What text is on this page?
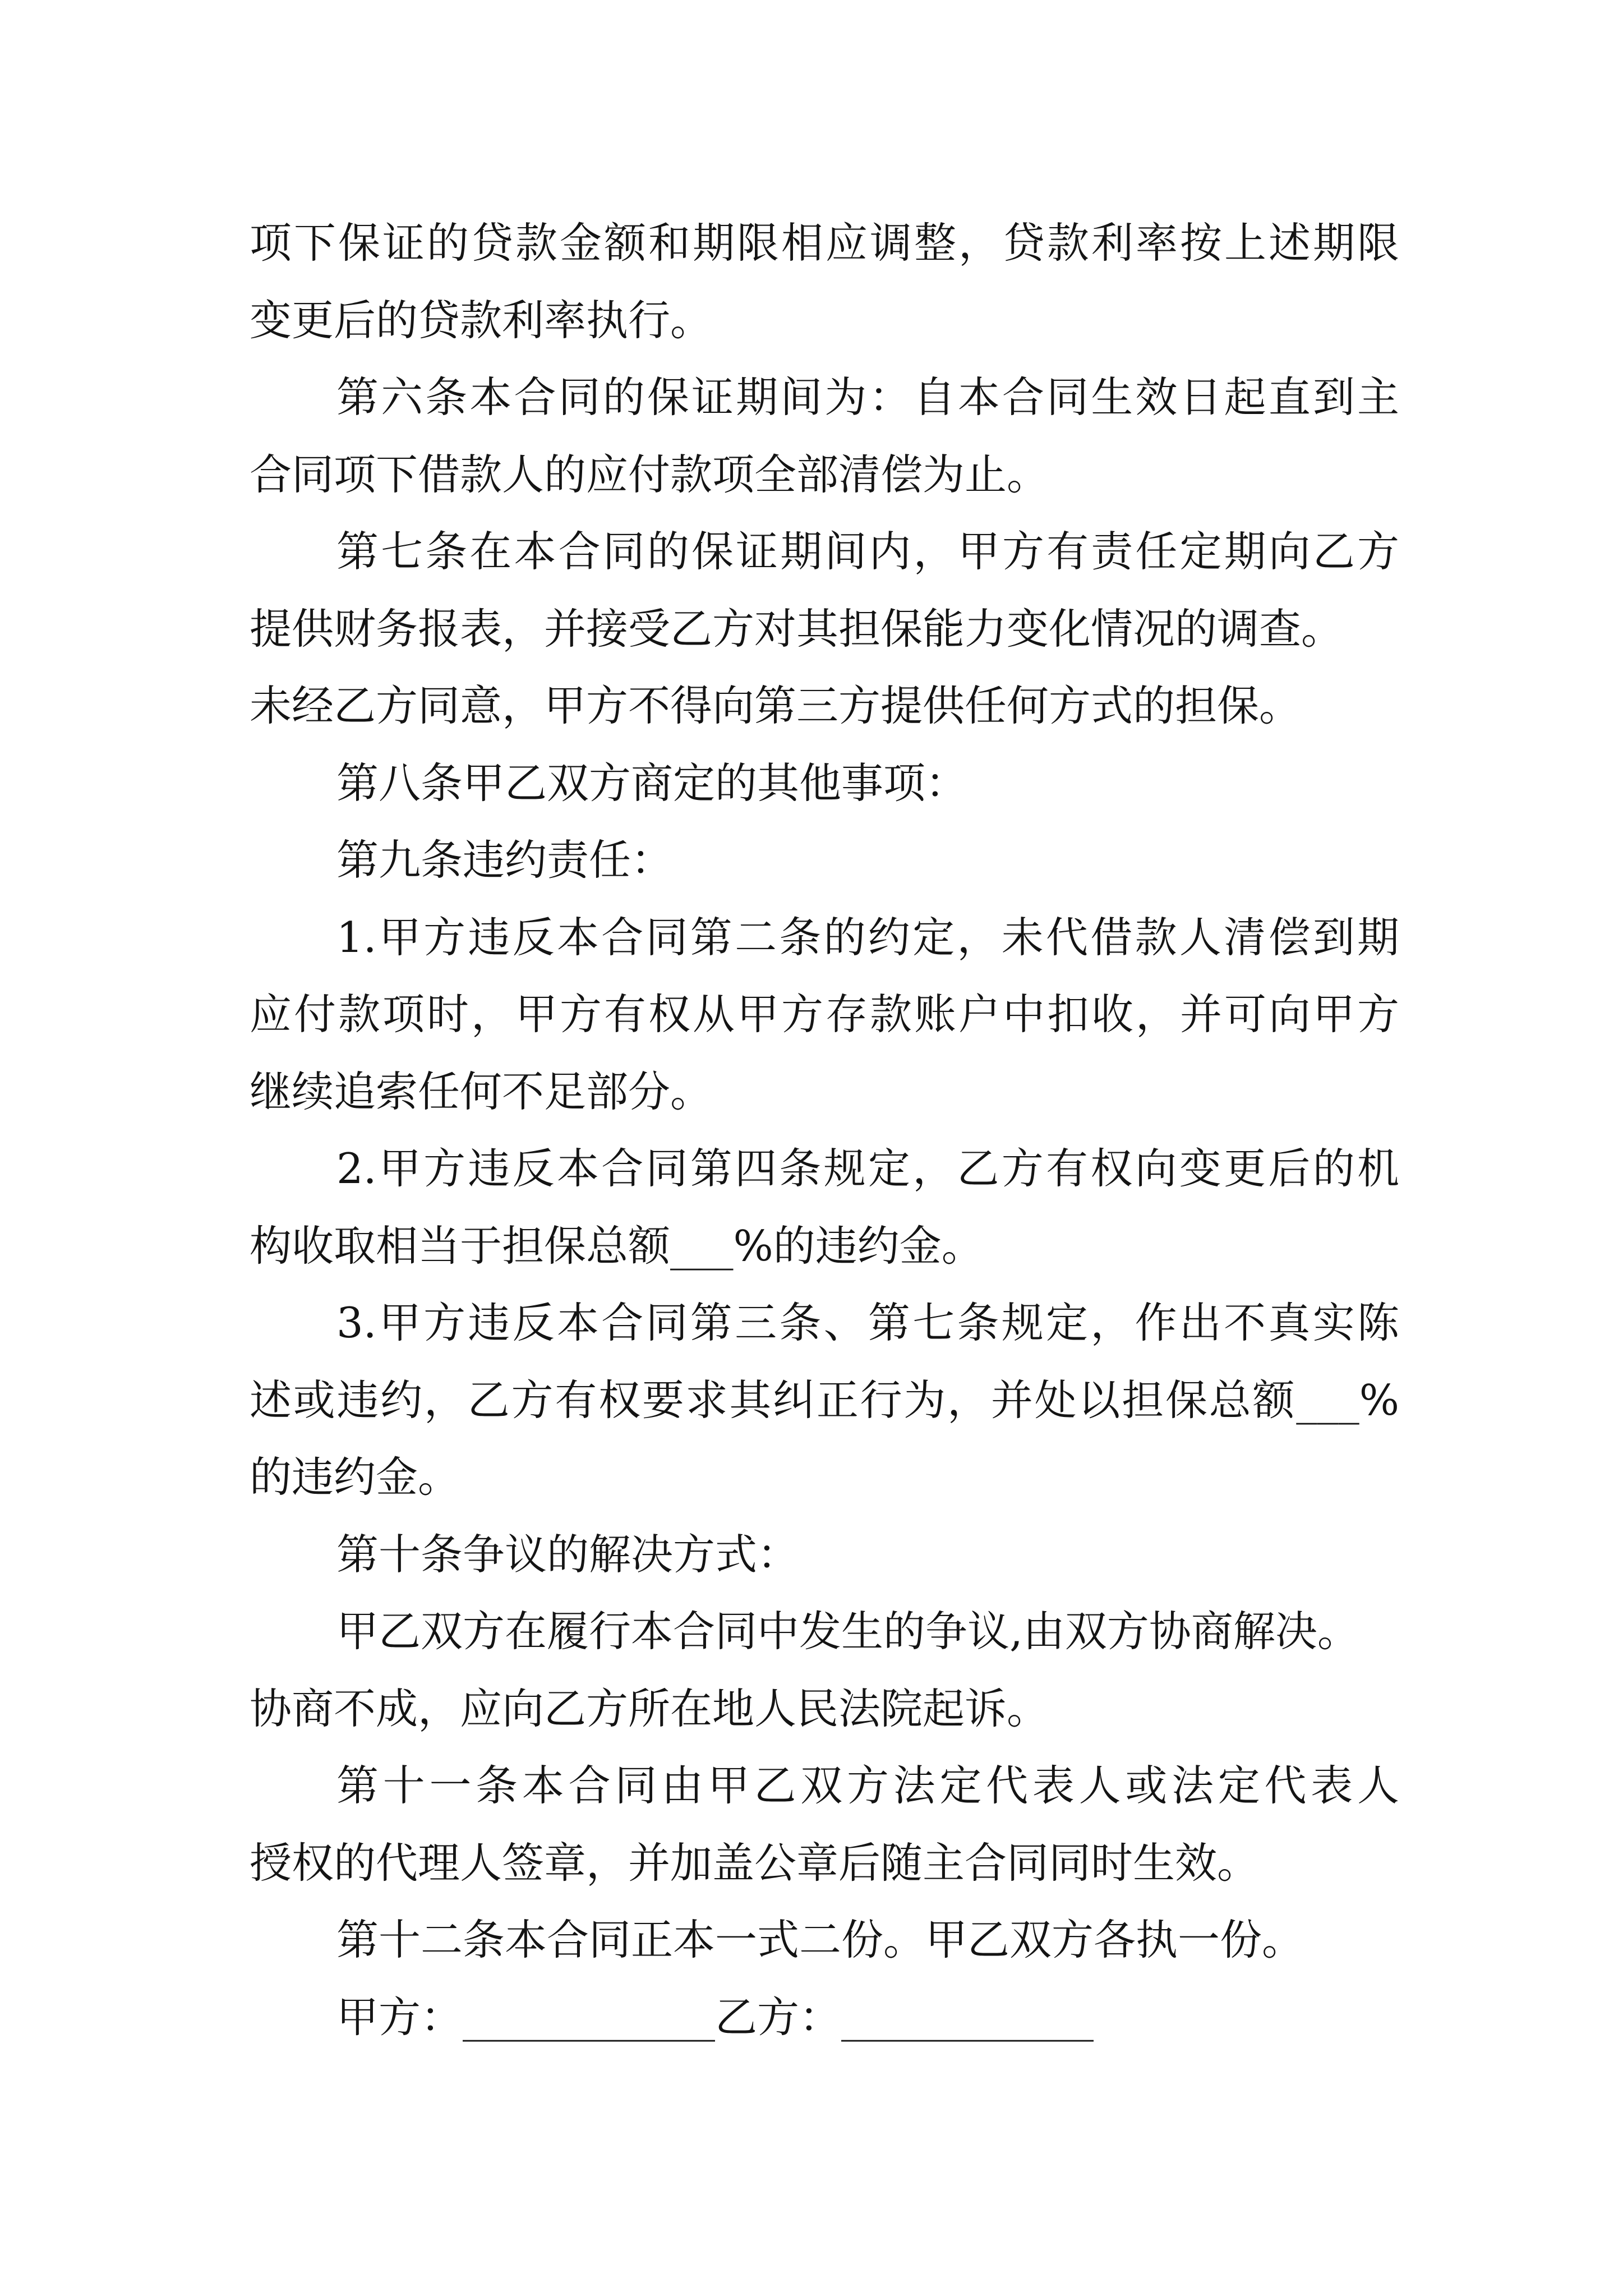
项下保证的贷款金额和期限相应调整，贷款利率按上述期限
变更后的贷款利率执行。
第六条本合同的保证期间为：自本合同生效日起直到主
合同项下借款人的应付款项全部清偿为止。
第七条在本合同的保证期间内，甲方有责任定期向乙方
提供财务报表，并接受乙方对其担保能力变化情况的调查。
未经乙方同意，甲方不得向第三方提供任何方式的担保。
第八条甲乙双方商定的其他事项：
第九条违约责任：
1.甲方违反本合同第二条的约定，未代借款人清偿到期
应付款项时，甲方有权从甲方存款账户中扣收，并可向甲方
继续追索任何不足部分。
2.甲方违反本合同第四条规定，乙方有权向变更后的机
构收取相当于担保总额___%的违约金。
3.甲方违反本合同第三条、第七条规定，作出不真实陈
述或违约，乙方有权要求其纠正行为，并处以担保总额___%
的违约金。
第十条争议的解决方式：
甲乙双方在履行本合同中发生的争议,由双方协商解决。
协商不成，应向乙方所在地人民法院起诉。
第十一条本合同由甲乙双方法定代表人或法定代表人
授权的代理人签章，并加盖公章后随主合同同时生效。
第十二条本合同正本一式二份。甲乙双方各执一份。
甲方：____________乙方：____________
